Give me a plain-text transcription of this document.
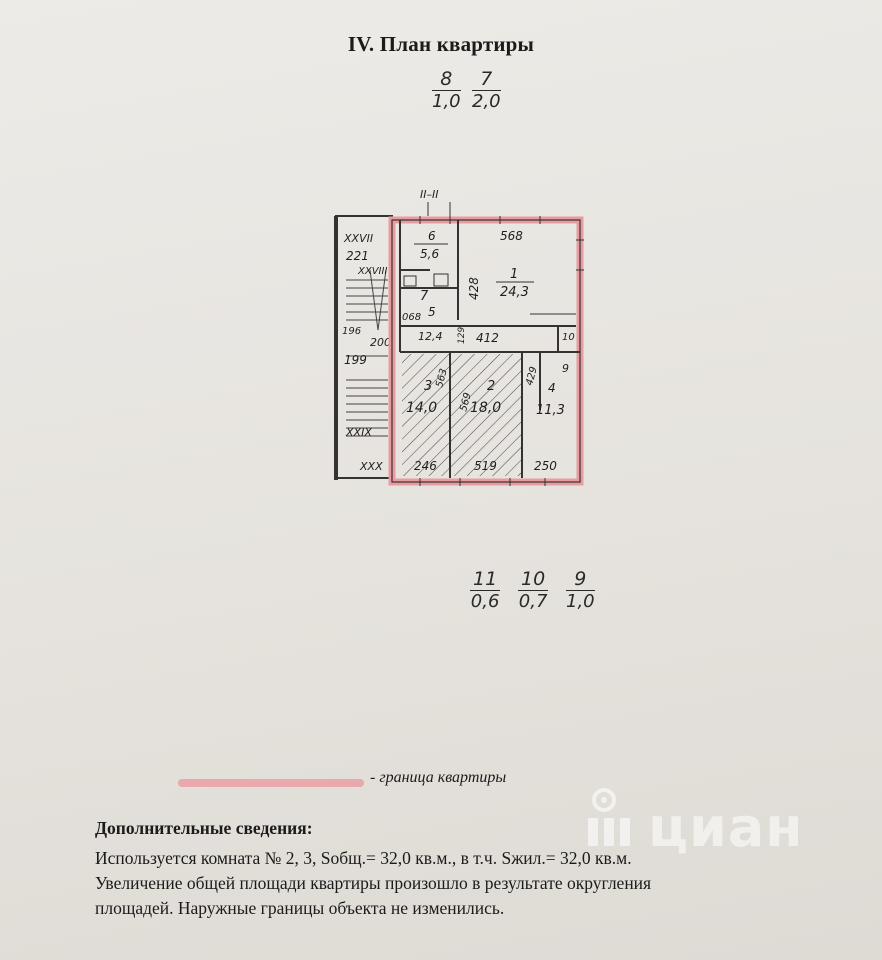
IV. План квартиры
$\frac{8}{1,0} \frac{7}{2,0}$
II–II
XXVII
XXVIII
XXIX
XXX
221
200
199
196
1
24,3
2
18,0
3
14,0
4
11,3
5
6
5,6
7
9
10
568
428
412
12,4 129
246	519	250
563
569
429
068
$\frac{11}{0,6} \frac{10}{0,7} \frac{9}{1,0}$
- граница квартиры
циан
Дополнительные сведения:
Используется комната № 2, 3, Sобщ.= 32,0 кв.м., в т.ч. Sжил.= 32,0 кв.м.
Увеличение общей площади квартиры произошло в результате округления
площадей. Наружные границы объекта не изменились.
